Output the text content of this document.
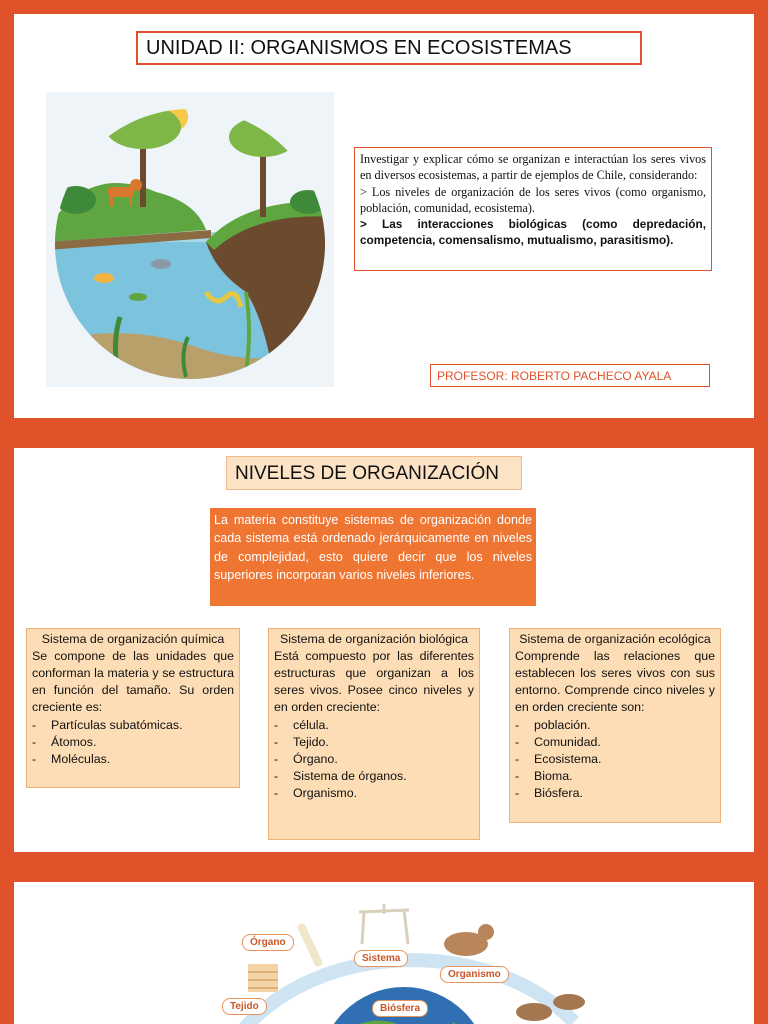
UNIDAD II: ORGANISMOS EN ECOSISTEMAS

Investigar y explicar cómo se organizan e interactúan los seres vivos en diversos ecosistemas, a partir de ejemplos de Chile, considerando:

> Los niveles de organización de los seres vivos (como organismo, población, comunidad, ecosistema).

> Las interacciones biológicas (como depredación, competencia, comensalismo, mutualismo, parasitismo).

PROFESOR: ROBERTO PACHECO AYALA
NIVELES DE ORGANIZACIÓN
La materia constituye sistemas de organización donde cada sistema está ordenado jerárquicamente en niveles de complejidad, esto quiere decir que los niveles superiores incorporan varios niveles inferiores.
Sistema de organización química

Se compone de las unidades que conforman la materia y se estructura en función del tamaño. Su orden creciente es:

- Partículas subatómicas.
- Átomos.
- Moléculas.
Sistema de organización biológica

Está compuesto por las diferentes estructuras que organizan a los seres vivos. Posee cinco niveles y en orden creciente:

- célula.
- Tejido.
- Órgano.
- Sistema de órganos.
- Organismo.
Sistema de organización ecológica

Comprende las relaciones que establecen los seres vivos con sus entorno. Comprende cinco niveles y en orden creciente son:

- población.
- Comunidad.
- Ecosistema.
- Bioma.
- Biósfera.
Órgano
Sistema
Organismo
Tejido	Biósfera
